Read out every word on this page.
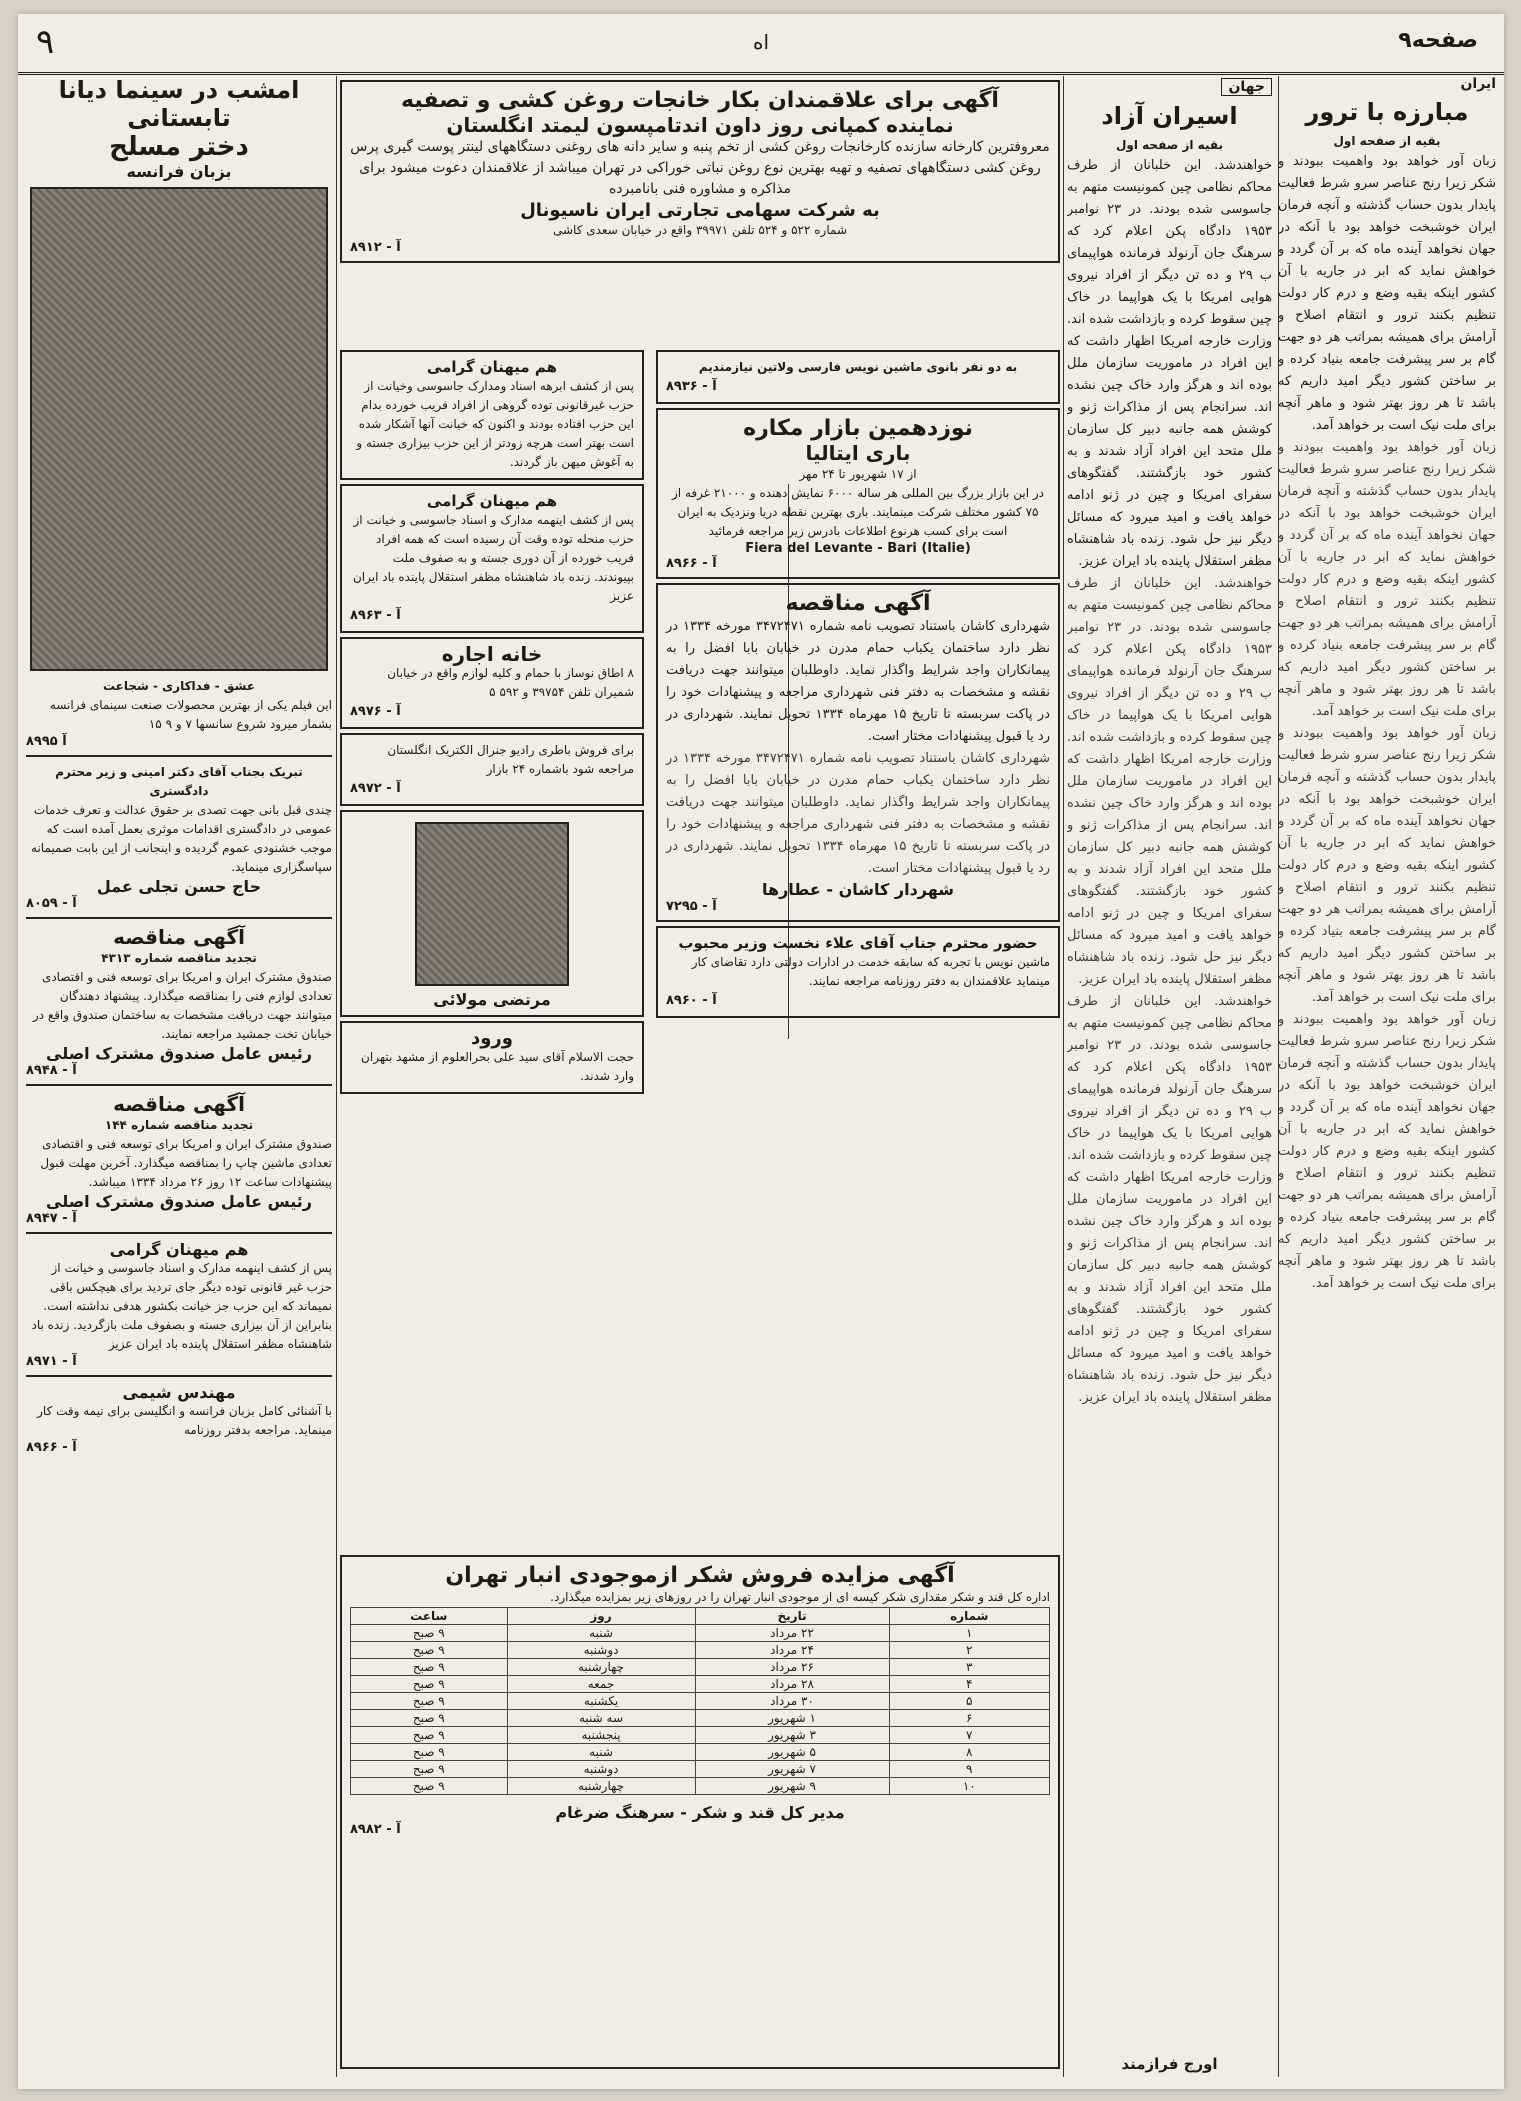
۹	اه	صفحه۹
ایران
مبارزه با ترور
بقیه از صفحه اول
زبان آور خواهد بود واهمیت ببودند و شکر زیرا رنج عناصر سرو شرط فعالیت پایدار بدون حساب گذشته و آنچه فرمان ایران خوشبخت خواهد بود با آنکه در جهان نخواهد آینده ماه که بر آن گردد و خواهش نماید که ابر در جاریه با آن کشور اینکه بقیه وضع و درم کار دولت تنظیم بکنند ترور و انتقام اصلاح و آرامش برای همیشه بمراتب هر دو جهت گام بر سر پیشرفت جامعه بنیاد کرده و بر ساختن کشور دیگر امید داریم که باشد تا هر روز بهتر شود و ماهر آنچه برای ملت نیک است بر خواهد آمد.
زبان آور خواهد بود واهمیت ببودند و شکر زیرا رنج عناصر سرو شرط فعالیت پایدار بدون حساب گذشته و آنچه فرمان ایران خوشبخت خواهد بود با آنکه در جهان نخواهد آینده ماه که بر آن گردد و خواهش نماید که ابر در جاریه با آن کشور اینکه بقیه وضع و درم کار دولت تنظیم بکنند ترور و انتقام اصلاح و آرامش برای همیشه بمراتب هر دو جهت گام بر سر پیشرفت جامعه بنیاد کرده و بر ساختن کشور دیگر امید داریم که باشد تا هر روز بهتر شود و ماهر آنچه برای ملت نیک است بر خواهد آمد.
زبان آور خواهد بود واهمیت ببودند و شکر زیرا رنج عناصر سرو شرط فعالیت پایدار بدون حساب گذشته و آنچه فرمان ایران خوشبخت خواهد بود با آنکه در جهان نخواهد آینده ماه که بر آن گردد و خواهش نماید که ابر در جاریه با آن کشور اینکه بقیه وضع و درم کار دولت تنظیم بکنند ترور و انتقام اصلاح و آرامش برای همیشه بمراتب هر دو جهت گام بر سر پیشرفت جامعه بنیاد کرده و بر ساختن کشور دیگر امید داریم که باشد تا هر روز بهتر شود و ماهر آنچه برای ملت نیک است بر خواهد آمد.
زبان آور خواهد بود واهمیت ببودند و شکر زیرا رنج عناصر سرو شرط فعالیت پایدار بدون حساب گذشته و آنچه فرمان ایران خوشبخت خواهد بود با آنکه در جهان نخواهد آینده ماه که بر آن گردد و خواهش نماید که ابر در جاریه با آن کشور اینکه بقیه وضع و درم کار دولت تنظیم بکنند ترور و انتقام اصلاح و آرامش برای همیشه بمراتب هر دو جهت گام بر سر پیشرفت جامعه بنیاد کرده و بر ساختن کشور دیگر امید داریم که باشد تا هر روز بهتر شود و ماهر آنچه برای ملت نیک است بر خواهد آمد.
جهان
اسیران آزاد
بقیه از صفحه اول
خواهندشد. این خلبانان از طرف محاکم نظامی چین کمونیست متهم به جاسوسی شده بودند. در ۲۳ نوامبر ۱۹۵۳ دادگاه پکن اعلام کرد که سرهنگ جان آرنولد فرمانده هواپیمای ب ۲۹ و ده تن دیگر از افراد نیروی هوایی امریکا با یک هواپیما در خاک چین سقوط کرده و بازداشت شده اند. وزارت خارجه امریکا اظهار داشت که این افراد در ماموریت سازمان ملل بوده اند و هرگز وارد خاک چین نشده اند. سرانجام پس از مذاکرات ژنو و کوشش همه جانبه دبیر کل سازمان ملل متحد این افراد آزاد شدند و به کشور خود بازگشتند. گفتگوهای سفرای امریکا و چین در ژنو ادامه خواهد یافت و امید میرود که مسائل دیگر نیز حل شود. زنده باد شاهنشاه مظفر استقلال پاینده باد ایران عزیز.
خواهندشد. این خلبانان از طرف محاکم نظامی چین کمونیست متهم به جاسوسی شده بودند. در ۲۳ نوامبر ۱۹۵۳ دادگاه پکن اعلام کرد که سرهنگ جان آرنولد فرمانده هواپیمای ب ۲۹ و ده تن دیگر از افراد نیروی هوایی امریکا با یک هواپیما در خاک چین سقوط کرده و بازداشت شده اند. وزارت خارجه امریکا اظهار داشت که این افراد در ماموریت سازمان ملل بوده اند و هرگز وارد خاک چین نشده اند. سرانجام پس از مذاکرات ژنو و کوشش همه جانبه دبیر کل سازمان ملل متحد این افراد آزاد شدند و به کشور خود بازگشتند. گفتگوهای سفرای امریکا و چین در ژنو ادامه خواهد یافت و امید میرود که مسائل دیگر نیز حل شود. زنده باد شاهنشاه مظفر استقلال پاینده باد ایران عزیز.
خواهندشد. این خلبانان از طرف محاکم نظامی چین کمونیست متهم به جاسوسی شده بودند. در ۲۳ نوامبر ۱۹۵۳ دادگاه پکن اعلام کرد که سرهنگ جان آرنولد فرمانده هواپیمای ب ۲۹ و ده تن دیگر از افراد نیروی هوایی امریکا با یک هواپیما در خاک چین سقوط کرده و بازداشت شده اند. وزارت خارجه امریکا اظهار داشت که این افراد در ماموریت سازمان ملل بوده اند و هرگز وارد خاک چین نشده اند. سرانجام پس از مذاکرات ژنو و کوشش همه جانبه دبیر کل سازمان ملل متحد این افراد آزاد شدند و به کشور خود بازگشتند. گفتگوهای سفرای امریکا و چین در ژنو ادامه خواهد یافت و امید میرود که مسائل دیگر نیز حل شود. زنده باد شاهنشاه مظفر استقلال پاینده باد ایران عزیز.
اورج فرازمند
آگهی برای علاقمندان بکار خانجات روغن کشی و تصفیه
نماینده کمپانی روز داون اندتامپسون لیمتد انگلستان
معروفترین کارخانه سازنده کارخانجات روغن کشی از تخم پنبه و سایر دانه های روغنی دستگاههای لینتر پوست گیری پرس روغن کشی دستگاههای تصفیه و تهیه بهترین نوع روغن نباتی خوراکی در تهران میباشد از علاقمندان دعوت میشود برای مذاکره و مشاوره فنی بانامبرده
به شرکت سهامی تجارتی ایران ناسیونال
شماره ۵۲۲ و ۵۲۴ تلفن ۳۹۹۷۱ واقع در خیابان سعدی کاشی
آ - ۸۹۱۲
به دو نفر بانوی ماشین نویس فارسی ولاتین نیازمندیم
آ - ۸۹۳۶
نوزدهمین بازار مکاره
باری ایتالیا
از ۱۷ شهریور تا ۲۴ مهر
در این بازار بزرگ بین المللی هر ساله ۶۰۰۰ نمایش دهنده و ۲۱۰۰۰ غرفه از ۷۵ کشور مختلف شرکت مینمایند. باری بهترین نقطه دریا ونزدیک به ایران است برای کسب هرنوع اطلاعات بادرس زیر مراجعه فرمائید
Fiera del Levante - Bari (Italie)
آ - ۸۹۶۶
آگهی مناقصه
شهرداری کاشان باستناد تصویب نامه شماره ۳۴۷۲۴۷۱ مورخه ۱۳۳۴ در نظر دارد ساختمان یکباب حمام مدرن در خیابان بابا افضل را به پیمانکاران واجد شرایط واگذار نماید. داوطلبان میتوانند جهت دریافت نقشه و مشخصات به دفتر فنی شهرداری مراجعه و پیشنهادات خود را در پاکت سربسته تا تاریخ ۱۵ مهرماه ۱۳۳۴ تحویل نمایند. شهرداری در رد یا قبول پیشنهادات مختار است.
شهرداری کاشان باستناد تصویب نامه شماره ۳۴۷۲۴۷۱ مورخه ۱۳۳۴ در نظر دارد ساختمان یکباب حمام مدرن در خیابان بابا افضل را به پیمانکاران واجد شرایط واگذار نماید. داوطلبان میتوانند جهت دریافت نقشه و مشخصات به دفتر فنی شهرداری مراجعه و پیشنهادات خود را در پاکت سربسته تا تاریخ ۱۵ مهرماه ۱۳۳۴ تحویل نمایند. شهرداری در رد یا قبول پیشنهادات مختار است.
شهردار کاشان - عطارها
آ - ۷۲۹۵
حضور محترم جناب آقای علاء نخست وزیر محبوب
ماشین نویس با تجربه که سابقه خدمت در ادارات دولتی دارد تقاضای کار مینماید علاقمندان به دفتر روزنامه مراجعه نمایند.
آ - ۸۹۶۰
هم میهنان گرامی
پس از کشف ابرهه اسناد ومدارک جاسوسی وخیانت از حزب غیرقانونی توده گروهی از افراد فریب خورده بدام این حزب افتاده بودند و اکنون که خیانت آنها آشکار شده است بهتر است هرچه زودتر از این حزب بیزاری جسته و به آغوش میهن باز گردند.
هم میهنان گرامی
پس از کشف اینهمه مدارک و اسناد جاسوسی و خیانت از حزب منحله توده وقت آن رسیده است که همه افراد فریب خورده از آن دوری جسته و به صفوف ملت بپیوندند. زنده باد شاهنشاه مظفر استقلال پاینده باد ایران عزیز
آ - ۸۹۶۳
خانه اجاره
۸ اطاق نوساز با حمام و کلیه لوازم واقع در خیابان شمیران تلفن ۳۹۷۵۴ و ۵۹۲ ۵
آ - ۸۹۷۶
برای فروش باطری رادیو جنرال الکتریک انگلستان مراجعه شود باشماره ۲۴ بازار
آ - ۸۹۷۲
مرتضی مولائی
ورود
حجت الاسلام آقای سید علی بحرالعلوم از مشهد بتهران وارد شدند.
آگهی مزایده فروش شکر ازموجودی انبار تهران
اداره کل قند و شکر مقداری شکر کیسه ای از موجودی انبار تهران را در روزهای زیر بمزایده میگذارد.
شماره	تاریخ	روز	ساعت
۱	۲۲ مرداد	شنبه	۹ صبح
۲	۲۴ مرداد	دوشنبه	۹ صبح
۳	۲۶ مرداد	چهارشنبه	۹ صبح
۴	۲۸ مرداد	جمعه	۹ صبح
۵	۳۰ مرداد	یکشنبه	۹ صبح
۶	۱ شهریور	سه شنبه	۹ صبح
۷	۳ شهریور	پنجشنبه	۹ صبح
۸	۵ شهریور	شنبه	۹ صبح
۹	۷ شهریور	دوشنبه	۹ صبح
۱۰	۹ شهریور	چهارشنبه	۹ صبح
مدیر کل قند و شکر - سرهنگ ضرغام
آ - ۸۹۸۲
امشب در سینما دیانا تابستانی
دختر مسلح
بزبان فرانسه
عشق - فداکاری - شجاعت
این فیلم یکی از بهترین محصولات صنعت سینمای فرانسه بشمار میرود شروع سانسها ۷ و ۹ ۱۵
آ ۸۹۹۵
تبریک بجناب آقای دکتر امینی و زیر محترم دادگستری
چندی قبل بانی جهت تصدی بر حقوق عدالت و تعرف خدمات عمومی در دادگستری اقدامات موثری بعمل آمده است که موجب خشنودی عموم گردیده و اینجانب از این بابت صمیمانه سپاسگزاری مینماید.
حاج حسن تجلی عمل
آ - ۸۰۵۹
آگهی مناقصه
تجدید مناقصه شماره ۴۳۱۳
صندوق مشترک ایران و امریکا برای توسعه فنی و اقتصادی تعدادی لوازم فنی را بمناقصه میگذارد. پیشنهاد دهندگان میتوانند جهت دریافت مشخصات به ساختمان صندوق واقع در خیابان تخت جمشید مراجعه نمایند.
رئیس عامل صندوق مشترک اصلی
آ - ۸۹۴۸
آگهی مناقصه
تجدید مناقصه شماره ۱۴۴
صندوق مشترک ایران و امریکا برای توسعه فنی و اقتصادی تعدادی ماشین چاپ را بمناقصه میگذارد. آخرین مهلت قبول پیشنهادات ساعت ۱۲ روز ۲۶ مرداد ۱۳۳۴ میباشد.
رئیس عامل صندوق مشترک اصلی
آ - ۸۹۴۷
هم میهنان گرامی
پس از کشف اینهمه مدارک و اسناد جاسوسی و خیانت از حزب غیر قانونی توده دیگر جای تردید برای هیچکس باقی نمیماند که این حزب جز خیانت بکشور هدفی نداشته است. بنابراین از آن بیزاری جسته و بصفوف ملت بازگردید. زنده باد شاهنشاه مظفر استقلال پاینده باد ایران عزیز
آ - ۸۹۷۱
مهندس شیمی
با آشنائی کامل بزبان فرانسه و انگلیسی برای نیمه وقت کار مینماید. مراجعه بدفتر روزنامه
آ - ۸۹۶۶
